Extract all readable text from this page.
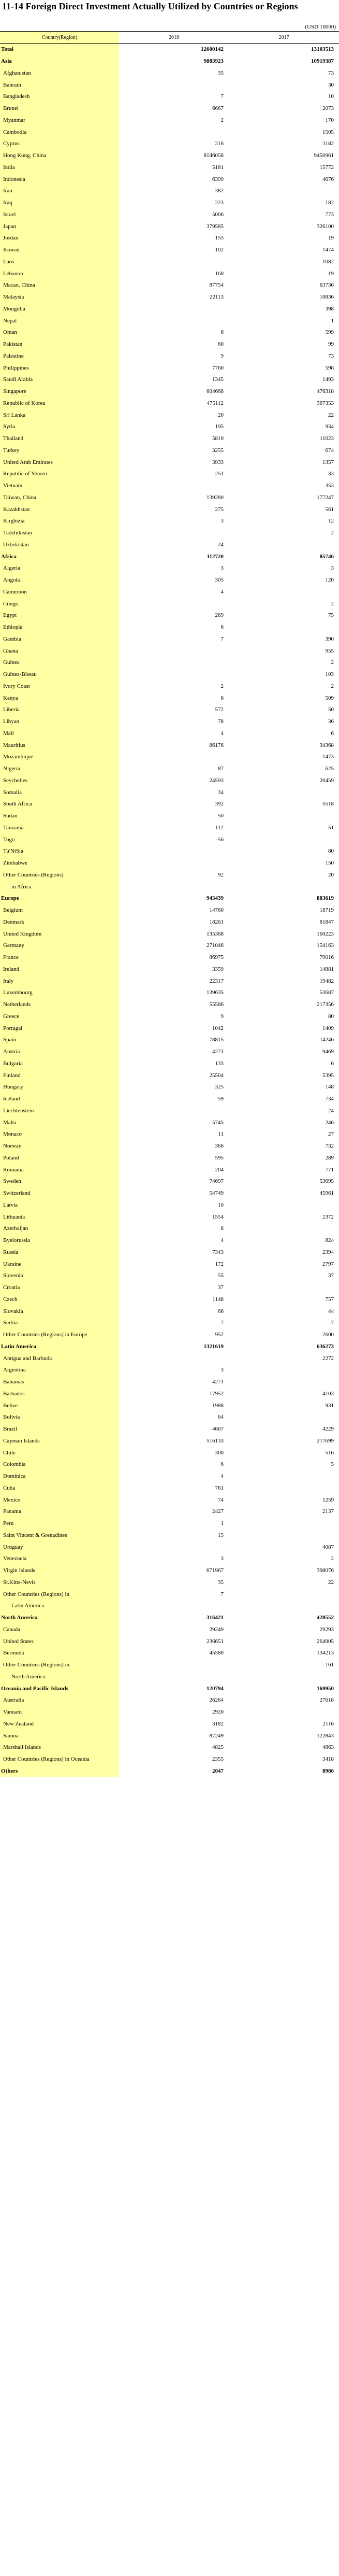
11-14 Foreign Direct Investment Actually Utilized by Countries or Regions
(USD 10000)
Country(Region)	2018	2017
Total	12600142	13103513
Asia	9883923	10919387
Afghanistan	35	73
Bahrain		30
Bangladesh	7	10
Brunei	6667	2073
Myanmar	2	170
Cambodia		1505
Cyprus	216	1182
Hong Kong, China	8146058	9450961
India	5181	15772
Indonesia	6399	4676
Iran	382	
Iraq	223	182
Israel	5006	773
Japan	379585	326100
Jordan	155	19
Kuwait	102	1474
Laos		1082
Lebanon	160	19
Macao, China	87754	63736
Malaysia	22113	10836
Mongolia		398
Nepal		1
Oman	6	599
Pakistan	60	99
Palestine	9	73
Philippines	7760	598
Saudi Arabia	1345	1493
Singapore	604668	476318
Republic of Korea	475112	367353
Sri Lanka	20	22
Syria	195	934
Thailand	5810	11023
Turkey	3255	674
United Arab Emirates	3933	1357
Republic of Yemen	251	33
Vietnam		353
Taiwan, China	139280	177247
Kazakhstan	275	561
Kirghizia	3	12
Tadzhikistan		2
Uzbekistan	24	
Africa	112720	85746
Algeria	3	3
Angola	305	120
Cameroon	4	
Congo		2
Egypt	269	75
Ethiopia	6	
Gambia	7	390
Ghana		955
Guinea		2
Guinea-Bissau		103
Ivory Coast	2	2
Kenya	6	509
Liberia	572	50
Libyan	78	36
Mali	4	6
Mauritius	86176	34368
Mozambique		1473
Nigeria	87	625
Seychelles	24593	20459
Somalia	34	
South Africa	392	5518
Sudan	50	
Tanzania	112	51
Togo	-56	
Tu'NiSia		80
Zimbabwe		150
Other Countries (Regions)	92	20
in Africa		
Europe	943439	883619
Belgium	14760	18719
Denmark	18261	81847
United Kingdom	135368	160223
Germany	271046	154163
France	86975	79016
Ireland	3359	14881
Italy	22317	19482
Luxembourg	139635	53687
Netherlands	55586	217356
Greece	9	80
Portugal	1042	1409
Spain	78815	14246
Austria	4271	9469
Bulgaria	133	6
Finland	25504	5395
Hungary	325	148
Iceland	59	734
Liechtenstein		24
Malta	5745	246
Monaco	11	27
Norway	366	732
Poland	595	289
Romania	204	771
Sweden	74697	53695
Switzerland	54749	45961
Latvia	10	
Lithuania	1554	2372
Azerbaijan	8	
Byelorussia	4	824
Russia	7343	2394
Ukraine	172	2797
Slovenia	55	37
Croatia	37	
Czech	1148	757
Slovakia	66	44
Serbia	7	7
Other Countries (Regions) in Europe	952	2600
Latin America	1321619	636273
Antigua and Barbuda		2272
Argentina	3	
Bahamas	4271	
Barbados	17952	4103
Belize	1988	931
Bolivia	64	
Brazil	4667	4229
Cayman Islands	516133	217699
Chile	300	516
Colombia	6	5
Dominica	4	
Cuba	761	
Mexico	74	1259
Panama	2427	2137
Peru	1	
Saint Vincent & Grenadines	15	
Uruguay		4087
Venezuela	3	2
Virgin Islands	671967	398076
St.Kitts-Nevis	35	22
Other Countries (Regions) in	7	
Latin America		
North America	316421	428552
Canada	29249	29293
United States	236651	264905
Bermuda	45580	134213
Other Countries (Regions) in		161
North America		
Oceania and Pacific Islands	120794	169950
Australia	26264	27618
Vanuatu	2920	
New Zealand	3182	2116
Samoa	87249	122843
Marshall Islands	4825	4863
Other Countries (Regions) in Oceania	2355	3418
Others	2047	8986
